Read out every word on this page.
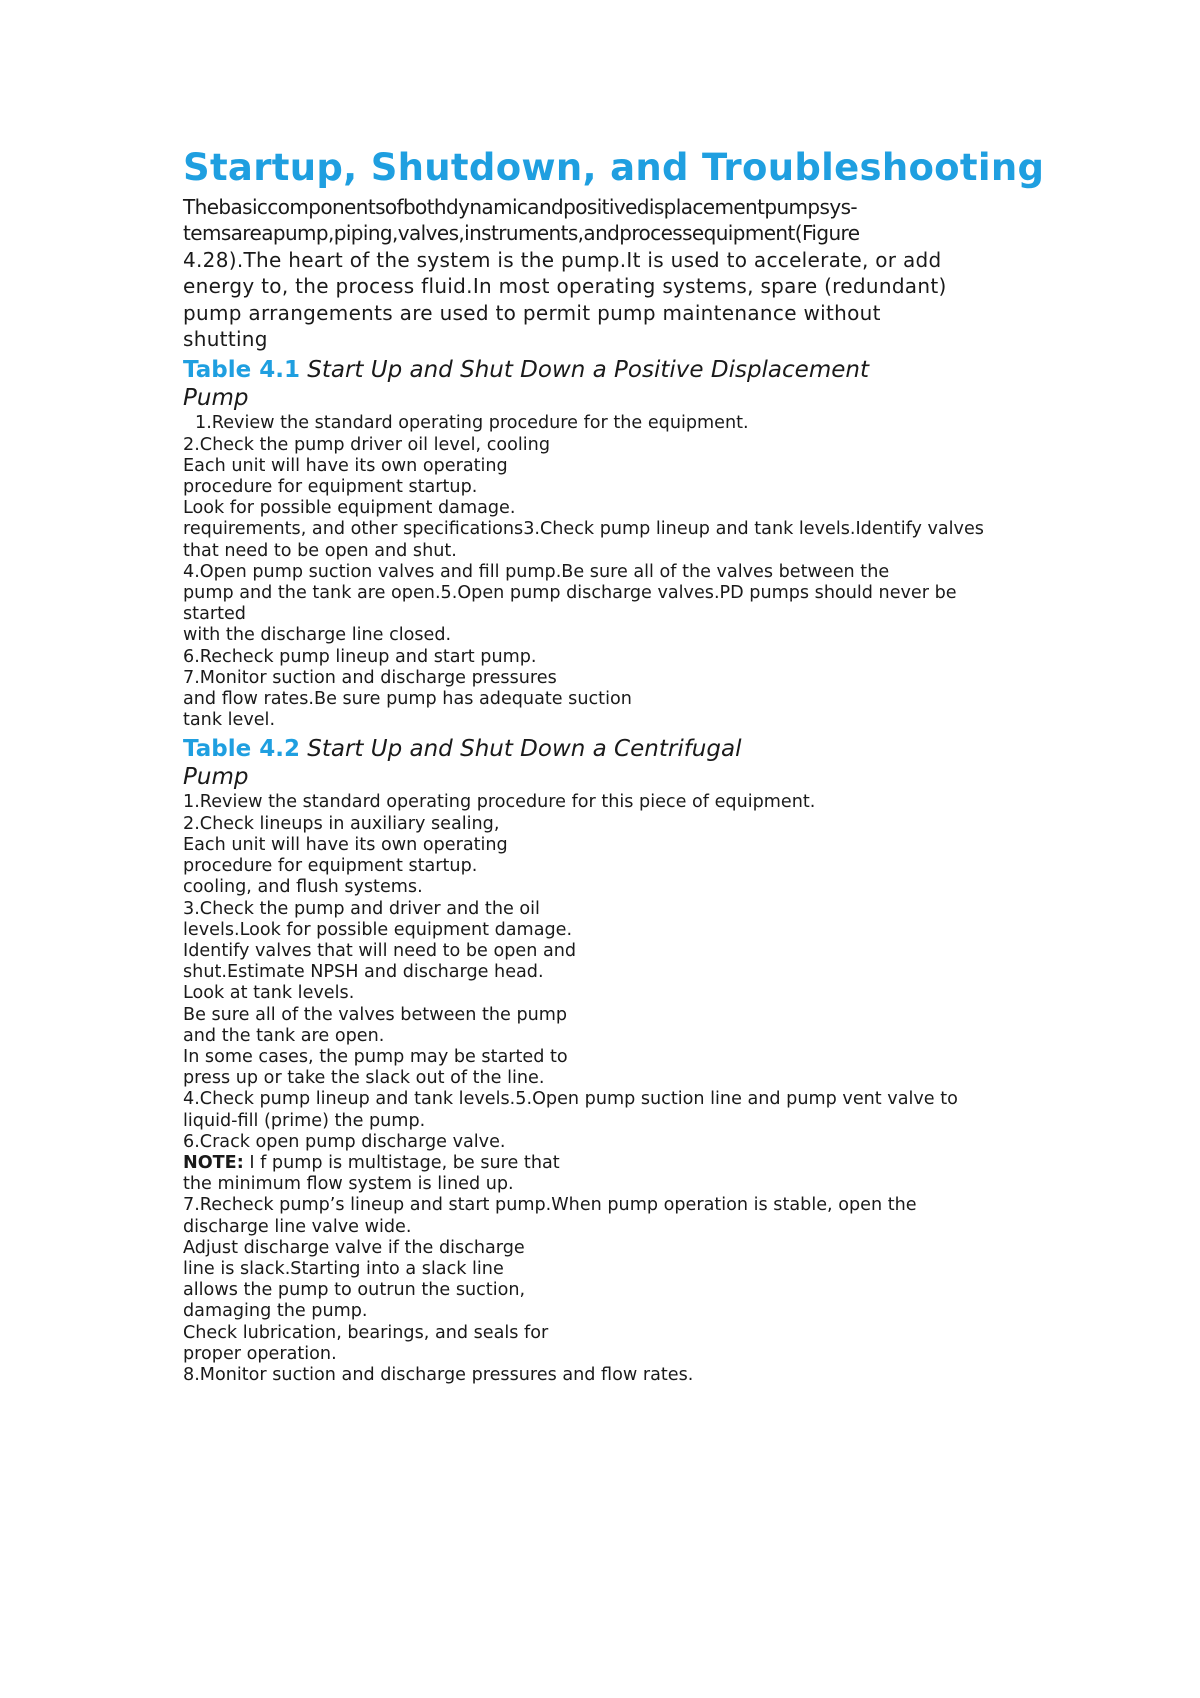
Startup, Shutdown, and Troubleshooting
Thebasiccomponentsofbothdynamicandpositivedisplacementpumpsys-
temsareapump,piping,valves,instruments,andprocessequipment(Figure
4.28).The heart of the system is the pump.It is used to accelerate, or add
energy to, the process fluid.In most operating systems, spare (redundant)
pump arrangements are used to permit pump maintenance without
shutting
Table 4.1 Start Up and Shut Down a Positive Displacement
Pump
1.Review the standard operating procedure for the equipment.
2.Check the pump driver oil level, cooling
Each unit will have its own operating
procedure for equipment startup.
Look for possible equipment damage.
requirements, and other specifications3.Check pump lineup and tank levels.Identify valves
that need to be open and shut.
4.Open pump suction valves and fill pump.Be sure all of the valves between the
pump and the tank are open.5.Open pump discharge valves.PD pumps should never be
started
with the discharge line closed.
6.Recheck pump lineup and start pump.
7.Monitor suction and discharge pressures
and flow rates.Be sure pump has adequate suction
tank level.
Table 4.2 Start Up and Shut Down a Centrifugal
Pump
1.Review the standard operating procedure for this piece of equipment.
2.Check lineups in auxiliary sealing,
Each unit will have its own operating
procedure for equipment startup.
cooling, and flush systems.
3.Check the pump and driver and the oil
levels.Look for possible equipment damage.
Identify valves that will need to be open and
shut.Estimate NPSH and discharge head.
Look at tank levels.
Be sure all of the valves between the pump
and the tank are open.
In some cases, the pump may be started to
press up or take the slack out of the line.
4.Check pump lineup and tank levels.5.Open pump suction line and pump vent valve to
liquid-fill (prime) the pump.
6.Crack open pump discharge valve.
NOTE: I f pump is multistage, be sure that
the minimum flow system is lined up.
7.Recheck pump’s lineup and start pump.When pump operation is stable, open the
discharge line valve wide.
Adjust discharge valve if the discharge
line is slack.Starting into a slack line
allows the pump to outrun the suction,
damaging the pump.
Check lubrication, bearings, and seals for
proper operation.
8.Monitor suction and discharge pressures and flow rates.
